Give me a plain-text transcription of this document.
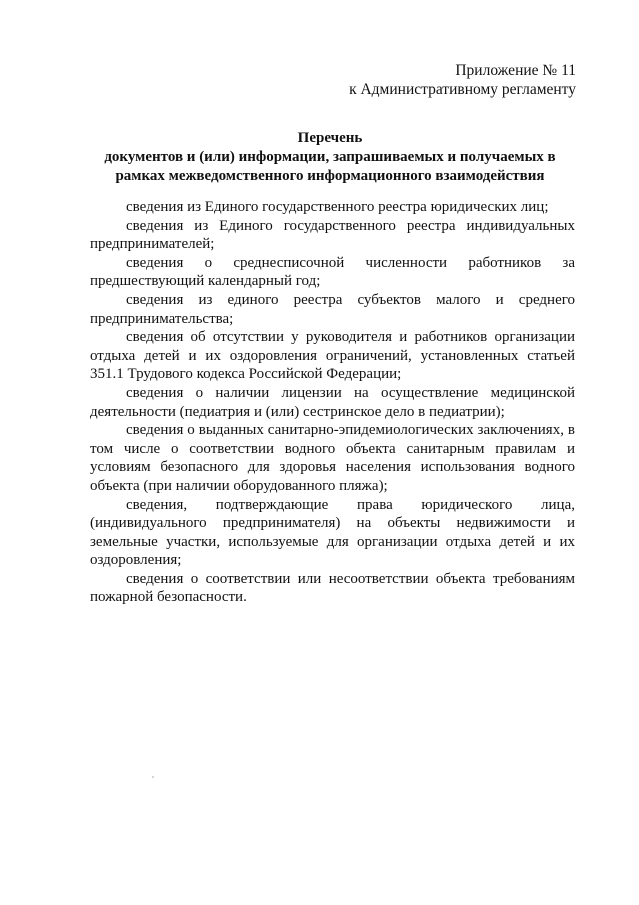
Приложение № 11
к Административному регламенту
Перечень
документов и (или) информации, запрашиваемых и получаемых в
рамках межведомственного информационного взаимодействия

сведения из Единого государственного реестра юридических лиц;

сведения из Единого государственного реестра индивидуальных предпринимателей;

сведения о среднесписочной численности работников за предшествующий календарный год;

сведения из единого реестра субъектов малого и среднего предпринимательства;

сведения об отсутствии у руководителя и работников организации отдыха детей и их оздоровления ограничений, установленных статьей 351.1 Трудового кодекса Российской Федерации;

сведения о наличии лицензии на осуществление медицинской деятельности (педиатрия и (или) сестринское дело в педиатрии);

сведения о выданных санитарно-эпидемиологических заключениях, в том числе о соответствии водного объекта санитарным правилам и условиям безопасного для здоровья населения использования водного объекта (при наличии оборудованного пляжа);

сведения, подтверждающие права юридического лица, (индивидуального предпринимателя) на объекты недвижимости и земельные участки, используемые для организации отдыха детей и их оздоровления;

сведения о соответствии или несоответствии объекта требованиям пожарной безопасности.
